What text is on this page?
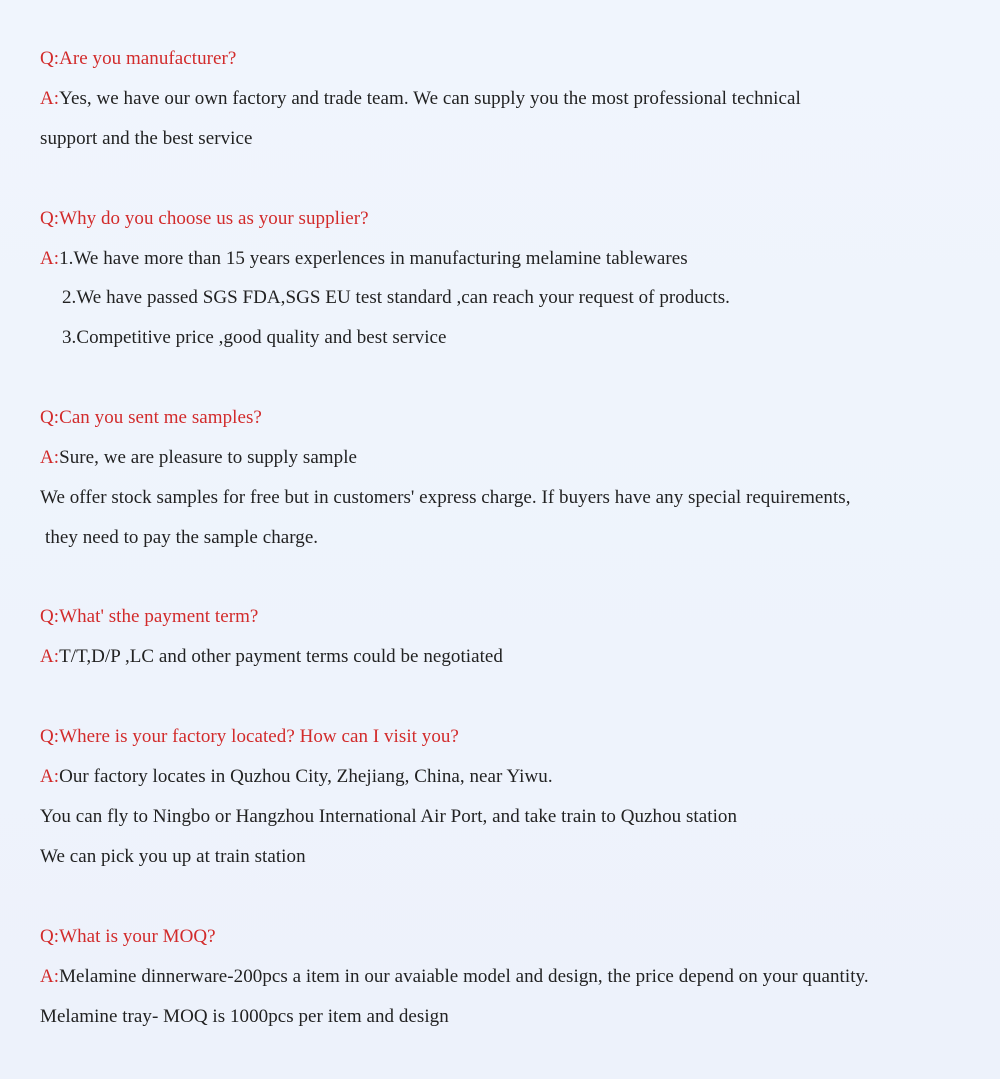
Q:Are you manufacturer?
A:Yes, we have our own factory and trade team. We can supply you the most professional technical
support and the best service
Q:Why do you choose us as your supplier?
A:1.We have more than 15 years experlences in manufacturing melamine tablewares
2.We have passed SGS FDA,SGS EU test standard ,can reach your request of products.
3.Competitive price ,good quality and best service
Q:Can you sent me samples?
A:Sure, we are pleasure to supply sample
We offer stock samples for free but in customers' express charge. If buyers have any special requirements,
they need to pay the sample charge.
Q:What' sthe payment term?
A:T/T,D/P ,LC and other payment terms could be negotiated
Q:Where is your factory located? How can I visit you?
A:Our factory locates in Quzhou City, Zhejiang, China, near Yiwu.
You can fly to Ningbo or Hangzhou International Air Port, and take train to Quzhou station
We can pick you up at train station
Q:What is your MOQ?
A:Melamine dinnerware-200pcs a item in our avaiable model and design, the price depend on your quantity.
Melamine tray- MOQ is 1000pcs per item and design
